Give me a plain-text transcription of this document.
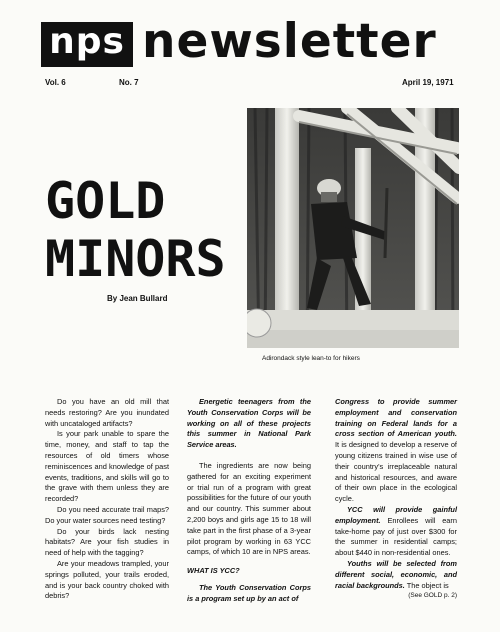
nps newsletter
Vol. 6	No. 7	April 19, 1971
GOLD
MINORS
By Jean Bullard
Adirondack style lean-to for hikers

Do you have an old mill that needs restoring? Are you inundated with uncataloged artifacts?

Is your park unable to spare the time, money, and staff to tap the resources of old timers whose reminiscences and knowledge of past events, traditions, and skills will go to the grave with them unless they are recorded?

Do you need accurate trail maps? Do your water sources need testing?

Do your birds lack nesting habitats? Are your fish studies in need of help with the tagging?

Are your meadows trampled, your springs polluted, your trails eroded, and is your back country choked with debris?

Energetic teenagers from the Youth Conservation Corps will be working on all of these projects this summer in National Park Service areas.

The ingredients are now being gathered for an exciting experiment or trial run of a program with great possibilities for the future of our youth and our country. This summer about 2,200 boys and girls age 15 to 18 will take part in the first phase of a 3-year pilot program by working in 63 YCC camps, of which 10 are in NPS areas.

WHAT IS YCC?

The Youth Conservation Corps is a program set up by an act of

Congress to provide summer employment and conservation training on Federal lands for a cross section of American youth. It is designed to develop a reserve of young citizens trained in wise use of their country's irreplaceable natural and historical resources, and aware of their own place in the ecological cycle.

YCC will provide gainful employment. Enrollees will earn take-home pay of just over $300 for the summer in residential camps; about $440 in non-residential ones.

Youths will be selected from different social, economic, and racial backgrounds. The object is

(See GOLD p. 2)
